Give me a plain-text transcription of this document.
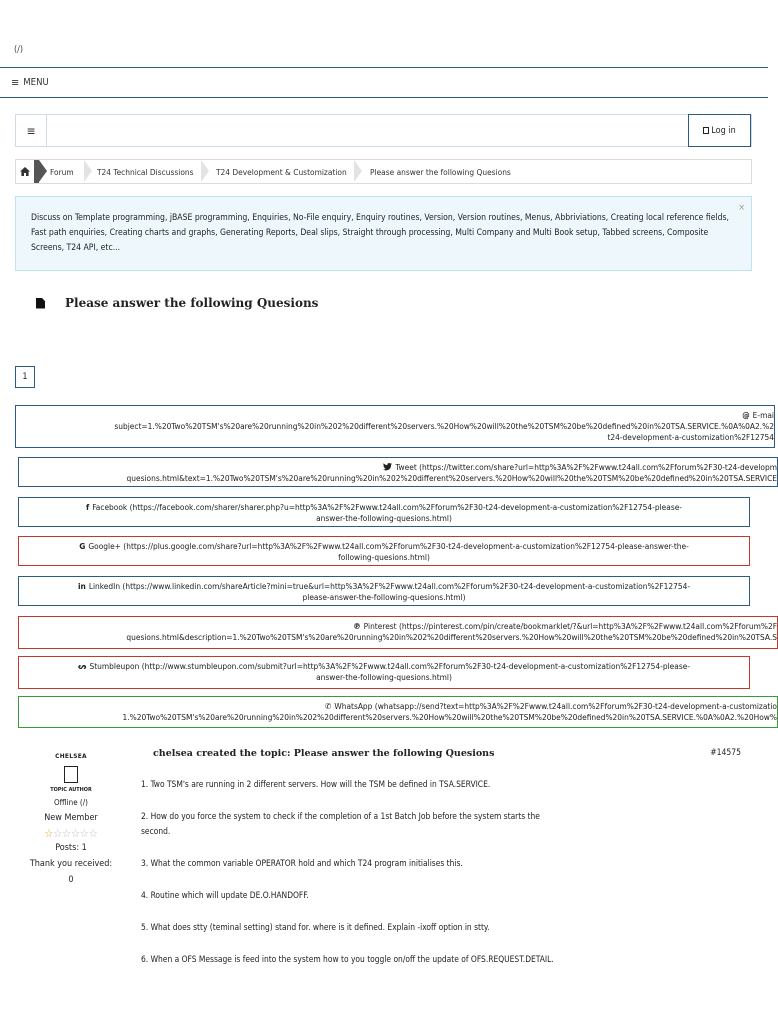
(/)
≡ MENU
≡	Log in
Forum	T24 Technical Discussions	T24 Development & Customization	Please answer the following Quesions
×
Discuss on Template programming, jBASE programming, Enquiries, No-File enquiry, Enquiry routines, Version, Version routines, Menus, Abbriviations, Creating local reference fields, Fast path enquiries, Creating charts and graphs, Generating Reports, Deal slips, Straight through processing, Multi Company and Multi Book setup, Tabbed screens, Composite Screens, T24 API, etc...
Please answer the following Quesions
1
@ E-mai
subject=1.%20Two%20TSM's%20are%20running%20in%202%20different%20servers.%20How%20will%20the%20TSM%20be%20defined%20in%20TSA.SERVICE.%0A%0A2.%2
t24-development-a-customization%2F12754
Tweet (https://twitter.com/share?url=http%3A%2F%2Fwww.t24all.com%2Fforum%2F30-t24-developm
quesions.html&text=1.%20Two%20TSM's%20are%20running%20in%202%20different%20servers.%20How%20will%20the%20TSM%20be%20defined%20in%20TSA.SERVICE
f Facebook (https://facebook.com/sharer/sharer.php?u=http%3A%2F%2Fwww.t24all.com%2Fforum%2F30-t24-development-a-customization%2F12754-please-
answer-the-following-quesions.html)
G Google+ (https://plus.google.com/share?url=http%3A%2F%2Fwww.t24all.com%2Fforum%2F30-t24-development-a-customization%2F12754-please-answer-the-
following-quesions.html)
in LinkedIn (https://www.linkedin.com/shareArticle?mini=true&url=http%3A%2F%2Fwww.t24all.com%2Fforum%2F30-t24-development-a-customization%2F12754-
please-answer-the-following-quesions.html)
℗ Pinterest (https://pinterest.com/pin/create/bookmarklet/?&url=http%3A%2F%2Fwww.t24all.com%2Fforum%2F
quesions.html&description=1.%20Two%20TSM's%20are%20running%20in%202%20different%20servers.%20How%20will%20the%20TSM%20be%20defined%20in%20TSA.S
ᔕ Stumbleupon (http://www.stumbleupon.com/submit?url=http%3A%2F%2Fwww.t24all.com%2Fforum%2F30-t24-development-a-customization%2F12754-please-
answer-the-following-quesions.html)
✆ WhatsApp (whatsapp://send?text=http%3A%2F%2Fwww.t24all.com%2Fforum%2F30-t24-development-a-customizatio
1.%20Two%20TSM's%20are%20running%20in%202%20different%20servers.%20How%20will%20the%20TSM%20be%20defined%20in%20TSA.SERVICE.%0A%0A2.%20How%
CHELSEA
TOPIC AUTHOR
Offline (/)
New Member
☆☆☆☆☆☆
Posts: 1
Thank you received:
0
chelsea created the topic: Please answer the following Quesions	#14575

1. Two TSM's are running in 2 different servers. How will the TSM be defined in TSA.SERVICE.

2. How do you force the system to check if the completion of a 1st Batch Job before the system starts the second.

3. What the common variable OPERATOR hold and which T24 program initialises this.

4. Routine which will update DE.O.HANDOFF.

5. What does stty (teminal setting) stand for. where is it defined. Explain -ixoff option in stty.

6. When a OFS Message is feed into the system how to you toggle on/off the update of OFS.REQUEST.DETAIL.
